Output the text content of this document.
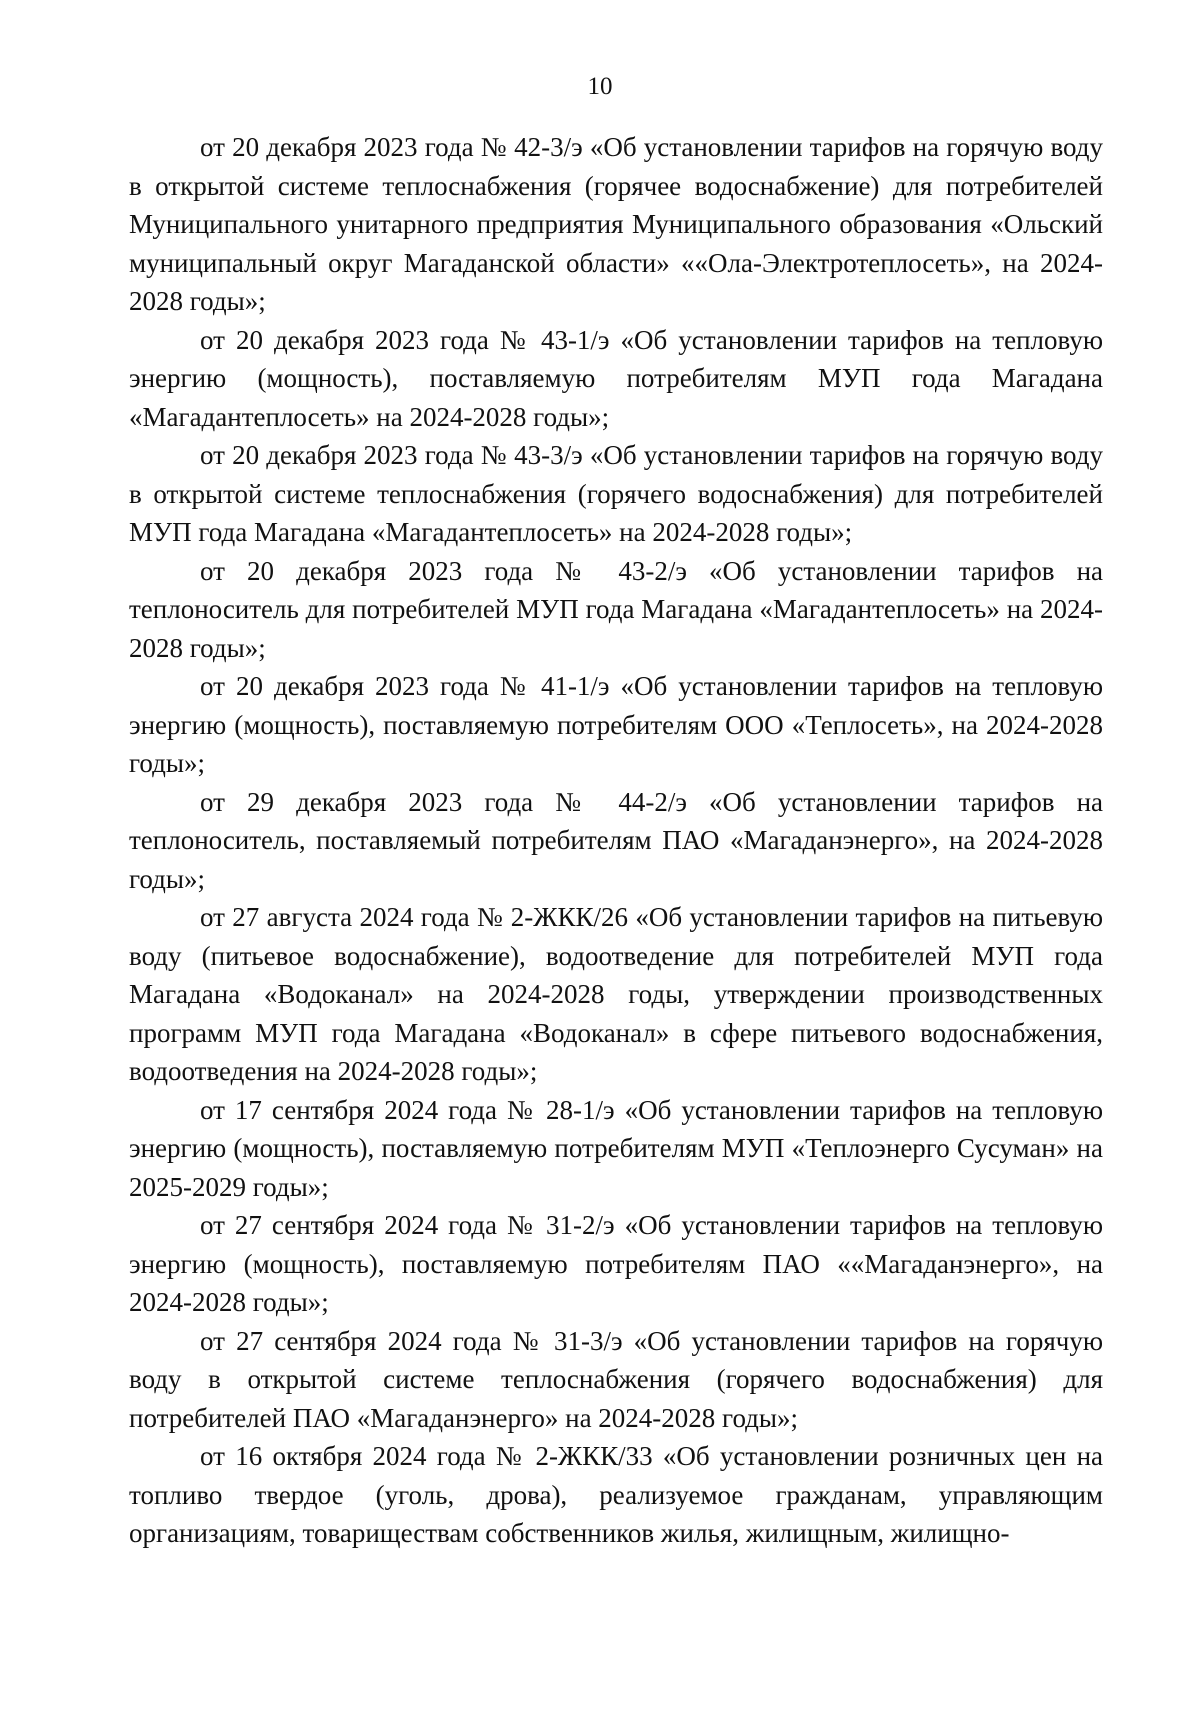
10

от 20 декабря 2023 года № 42-3/э «Об установлении тарифов на горячую воду в открытой системе теплоснабжения (горячее водоснабжение) для потребителей Муниципального унитарного предприятия Муниципального образования «Ольский муниципальный округ Магаданской области» ««Ола-Электротеплосеть», на 2024-2028 годы»;

от 20 декабря 2023 года № 43-1/э «Об установлении тарифов на тепловую энергию (мощность), поставляемую потребителям МУП года Магадана «Магадантеплосеть» на 2024-2028 годы»;

от 20 декабря 2023 года № 43-3/э «Об установлении тарифов на горячую воду в открытой системе теплоснабжения (горячего водоснабжения) для потребителей МУП года Магадана «Магадантеплосеть» на 2024-2028 годы»;

от 20 декабря 2023 года № 43-2/э «Об установлении тарифов на теплоноситель для потребителей МУП года Магадана «Магадантеплосеть» на 2024-2028 годы»;

от 20 декабря 2023 года № 41-1/э «Об установлении тарифов на тепловую энергию (мощность), поставляемую потребителям ООО «Теплосеть», на 2024-2028 годы»;

от 29 декабря 2023 года № 44-2/э «Об установлении тарифов на теплоноситель, поставляемый потребителям ПАО «Магаданэнерго», на 2024-2028 годы»;

от 27 августа 2024 года № 2-ЖКК/26 «Об установлении тарифов на питьевую воду (питьевое водоснабжение), водоотведение для потребителей МУП года Магадана «Водоканал» на 2024-2028 годы, утверждении производственных программ МУП года Магадана «Водоканал» в сфере питьевого водоснабжения, водоотведения на 2024-2028 годы»;

от 17 сентября 2024 года № 28-1/э «Об установлении тарифов на тепловую энергию (мощность), поставляемую потребителям МУП «Теплоэнерго Сусуман» на 2025-2029 годы»;

от 27 сентября 2024 года № 31-2/э «Об установлении тарифов на тепловую энергию (мощность), поставляемую потребителям ПАО ««Магаданэнерго», на 2024-2028 годы»;

от 27 сентября 2024 года № 31-3/э «Об установлении тарифов на горячую воду в открытой системе теплоснабжения (горячего водоснабжения) для потребителей ПАО «Магаданэнерго» на 2024-2028 годы»;

от 16 октября 2024 года № 2-ЖКК/33 «Об установлении розничных цен на топливо твердое (уголь, дрова), реализуемое гражданам, управляющим организациям, товариществам собственников жилья, жилищным, жилищно-
